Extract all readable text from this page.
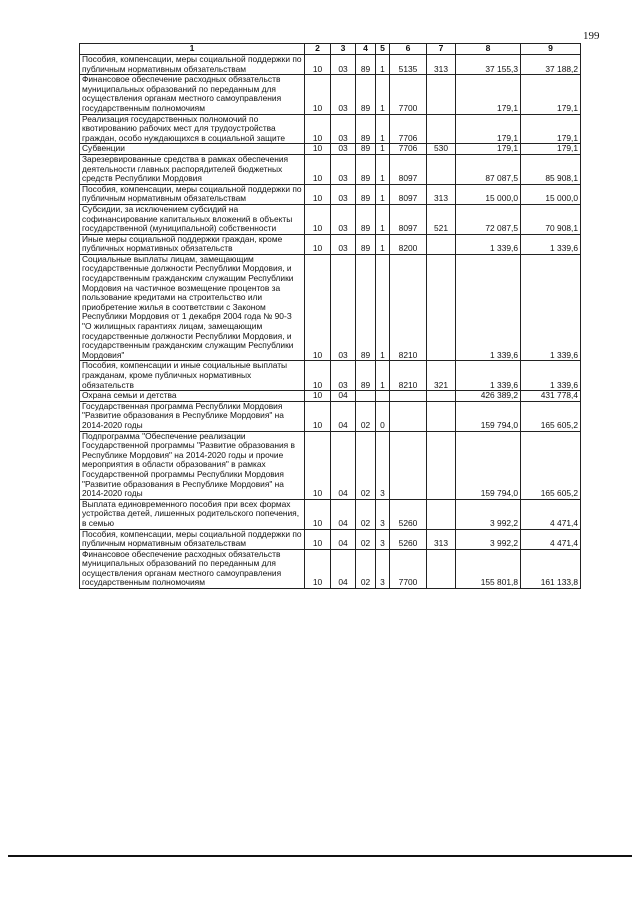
199
1	2	3	4	5	6	7	8	9
Пособия, компенсации, меры социальной поддержки по публичным нормативным обязательствам	10	03	89	1	5135	313	37 155,3	37 188,2
Финансовое обеспечение расходных обязательств муниципальных образований по переданным для осуществления органам местного самоуправления государственным полномочиям	10	03	89	1	7700		179,1	179,1
Реализация государственных полномочий по квотированию рабочих мест для трудоустройства граждан, особо нуждающихся в социальной защите	10	03	89	1	7706		179,1	179,1
Субвенции	10	03	89	1	7706	530	179,1	179,1
Зарезервированные средства в рамках обеспечения деятельности главных распорядителей бюджетных средств Республики Мордовия	10	03	89	1	8097		87 087,5	85 908,1
Пособия, компенсации, меры социальной поддержки по публичным нормативным обязательствам	10	03	89	1	8097	313	15 000,0	15 000,0
Субсидии, за исключением субсидий на софинансирование капитальных вложений в объекты государственной (муниципальной) собственности	10	03	89	1	8097	521	72 087,5	70 908,1
Иные меры социальной поддержки граждан, кроме публичных нормативных обязательств	10	03	89	1	8200		1 339,6	1 339,6
Социальные выплаты лицам, замещающим государственные должности Республики Мордовия, и государственным гражданским служащим Республики Мордовия на частичное возмещение процентов за пользование кредитами на строительство или приобретение жилья в соответствии с Законом Республики Мордовия от 1 декабря 2004 года № 90-З "О жилищных гарантиях лицам, замещающим государственные должности Республики Мордовия, и государственным гражданским служащим Республики Мордовия"	10	03	89	1	8210		1 339,6	1 339,6
Пособия, компенсации и иные социальные выплаты гражданам, кроме публичных нормативных обязательств	10	03	89	1	8210	321	1 339,6	1 339,6
Охрана семьи и детства	10	04					426 389,2	431 778,4
Государственная программа Республики Мордовия "Развитие образования в Республике Мордовия" на 2014-2020 годы	10	04	02	0			159 794,0	165 605,2
Подпрограмма "Обеспечение реализации Государственной программы "Развитие образования в Республике Мордовия" на 2014-2020 годы и прочие мероприятия в области образования" в рамках Государственной программы Республики Мордовия "Развитие образования в Республике Мордовия" на 2014-2020 годы	10	04	02	3			159 794,0	165 605,2
Выплата единовременного пособия при всех формах устройства детей, лишенных родительского попечения, в семью	10	04	02	3	5260		3 992,2	4 471,4
Пособия, компенсации, меры социальной поддержки по публичным нормативным обязательствам	10	04	02	3	5260	313	3 992,2	4 471,4
Финансовое обеспечение расходных обязательств муниципальных образований по переданным для осуществления органам местного самоуправления государственным полномочиям	10	04	02	3	7700		155 801,8	161 133,8
